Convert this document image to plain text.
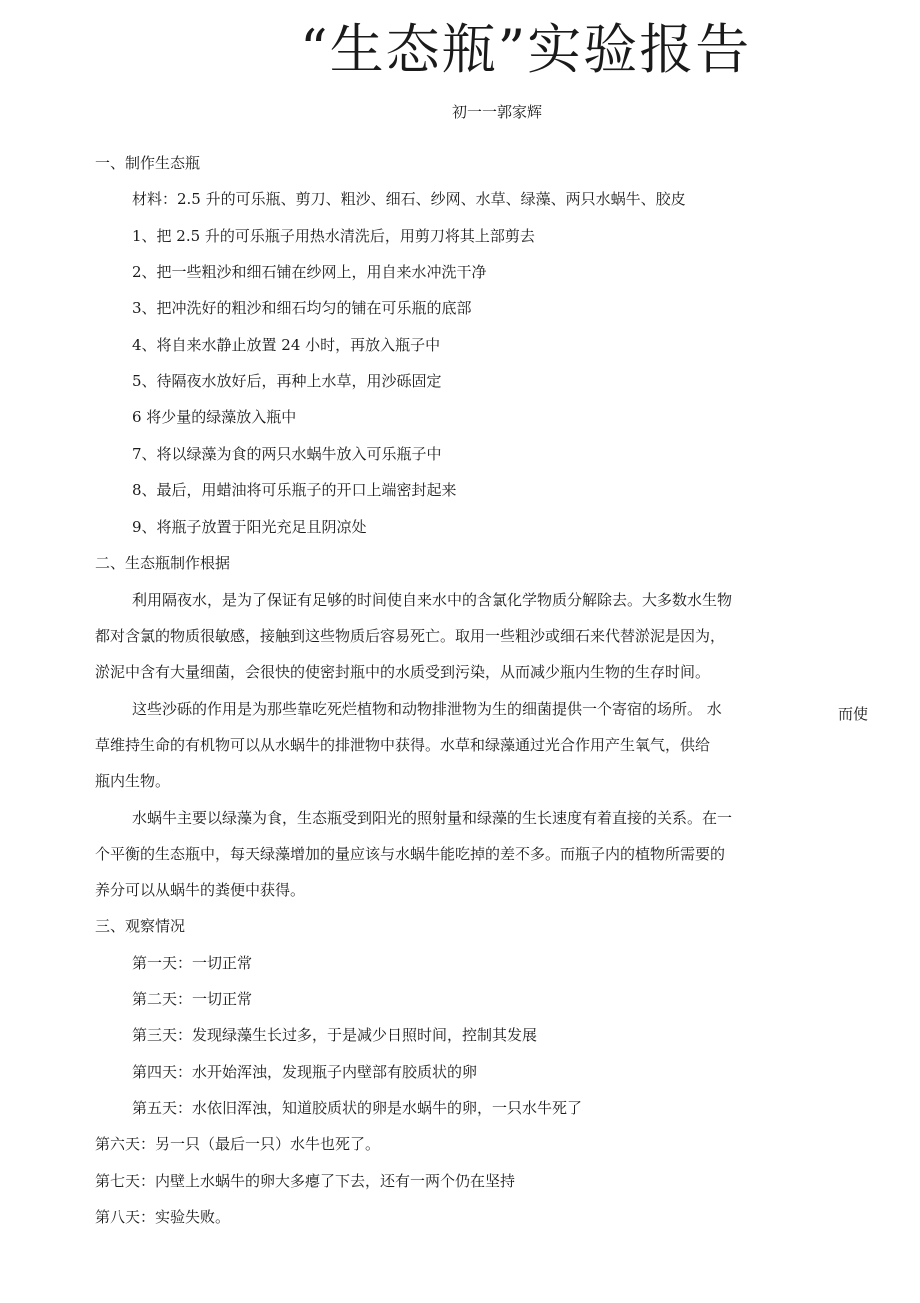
“生态瓶”实验报告
初一一郭家辉
一、制作生态瓶
材料：2.5 升的可乐瓶、剪刀、粗沙、细石、纱网、水草、绿藻、两只水蜗牛、胶皮
1、把 2.5 升的可乐瓶子用热水清洗后，用剪刀将其上部剪去
2、把一些粗沙和细石铺在纱网上，用自来水冲洗干净
3、把冲洗好的粗沙和细石均匀的铺在可乐瓶的底部
4、将自来水静止放置 24 小时，再放入瓶子中
5、待隔夜水放好后，再种上水草，用沙砾固定
6 将少量的绿藻放入瓶中
7、将以绿藻为食的两只水蜗牛放入可乐瓶子中
8、最后，用蜡油将可乐瓶子的开口上端密封起来
9、将瓶子放置于阳光充足且阴凉处
二、生态瓶制作根据
利用隔夜水，是为了保证有足够的时间使自来水中的含氯化学物质分解除去。大多数水生物
都对含氯的物质很敏感，接触到这些物质后容易死亡。取用一些粗沙或细石来代替淤泥是因为，
淤泥中含有大量细菌，会很快的使密封瓶中的水质受到污染，从而减少瓶内生物的生存时间。
这些沙砾的作用是为那些靠吃死烂植物和动物排泄物为生的细菌提供一个寄宿的场所。 水	而使
草维持生命的有机物可以从水蜗牛的排泄物中获得。水草和绿藻通过光合作用产生氧气，供给
瓶内生物。
水蜗牛主要以绿藻为食，生态瓶受到阳光的照射量和绿藻的生长速度有着直接的关系。在一
个平衡的生态瓶中，每天绿藻增加的量应该与水蜗牛能吃掉的差不多。而瓶子内的植物所需要的
养分可以从蜗牛的粪便中获得。
三、观察情况
第一天：一切正常
第二天：一切正常
第三天：发现绿藻生长过多，于是减少日照时间，控制其发展
第四天：水开始浑浊，发现瓶子内壁部有胶质状的卵
第五天：水依旧浑浊，知道胶质状的卵是水蜗牛的卵，一只水牛死了
第六天：另一只（最后一只）水牛也死了。
第七天：内壁上水蜗牛的卵大多瘪了下去，还有一两个仍在坚持
第八天：实验失败。
